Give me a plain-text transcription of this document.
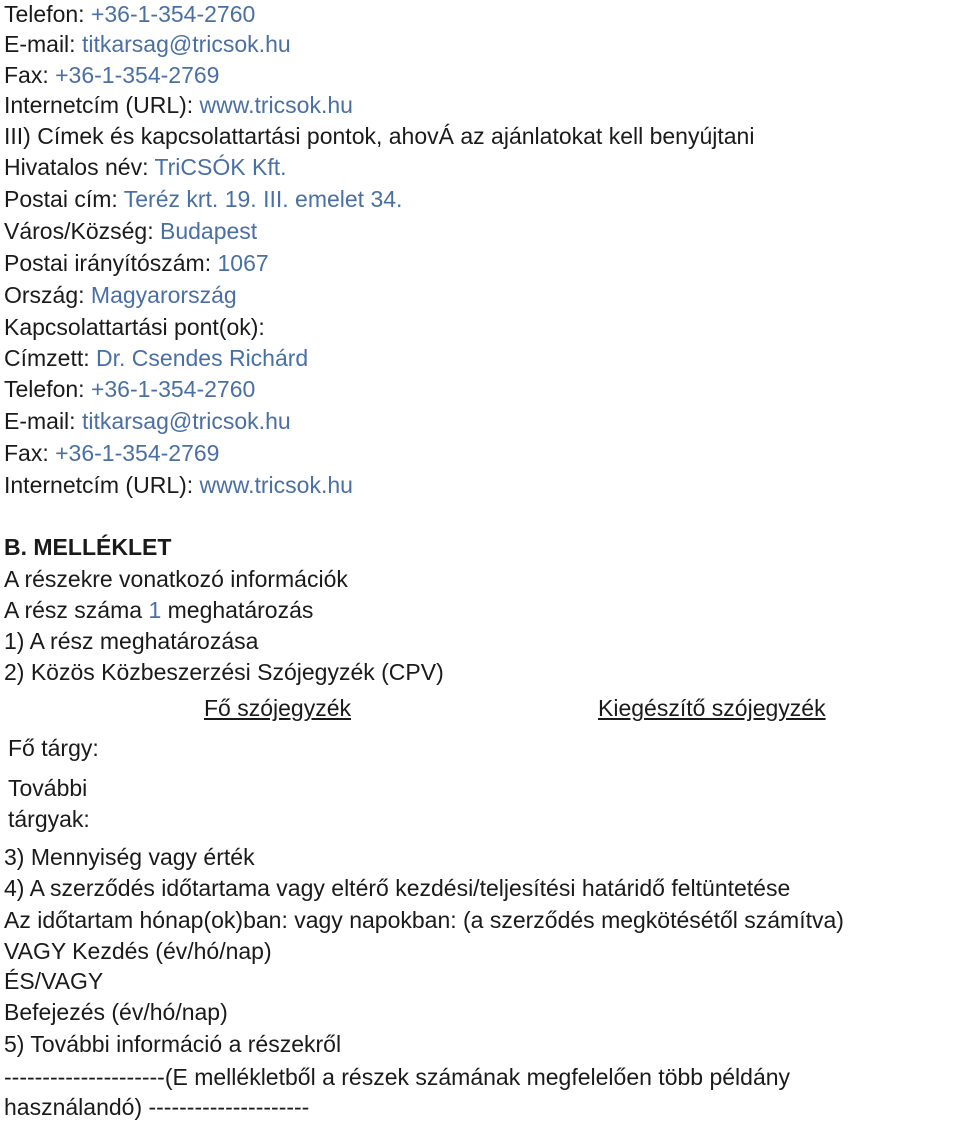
Telefon: +36-1-354-2760
E-mail: titkarsag@tricsok.hu
Fax: +36-1-354-2769
Internetcím (URL): www.tricsok.hu
III) Címek és kapcsolattartási pontok, ahovÁ az ajánlatokat kell benyújtani
Hivatalos név: TriCSÓK Kft.
Postai cím: Teréz krt. 19. III. emelet 34.
Város/Község: Budapest
Postai irányítószám: 1067
Ország: Magyarország
Kapcsolattartási pont(ok):
Címzett: Dr. Csendes Richárd
Telefon: +36-1-354-2760
E-mail: titkarsag@tricsok.hu
Fax: +36-1-354-2769
Internetcím (URL): www.tricsok.hu
B. MELLÉKLET
A részekre vonatkozó információk
A rész száma 1 meghatározás
1) A rész meghatározása
2) Közös Közbeszerzési Szójegyzék (CPV)
Fő szójegyzék	Kiegészítő szójegyzék
Fő tárgy:
További
tárgyak:
3) Mennyiség vagy érték
4) A szerződés időtartama vagy eltérő kezdési/teljesítési határidő feltüntetése
Az időtartam hónap(ok)ban: vagy napokban: (a szerződés megkötésétől számítva)
VAGY Kezdés (év/hó/nap)
ÉS/VAGY
Befejezés (év/hó/nap)
5) További információ a részekről
---------------------(E mellékletből a részek számának megfelelően több példány
használandó) ---------------------
